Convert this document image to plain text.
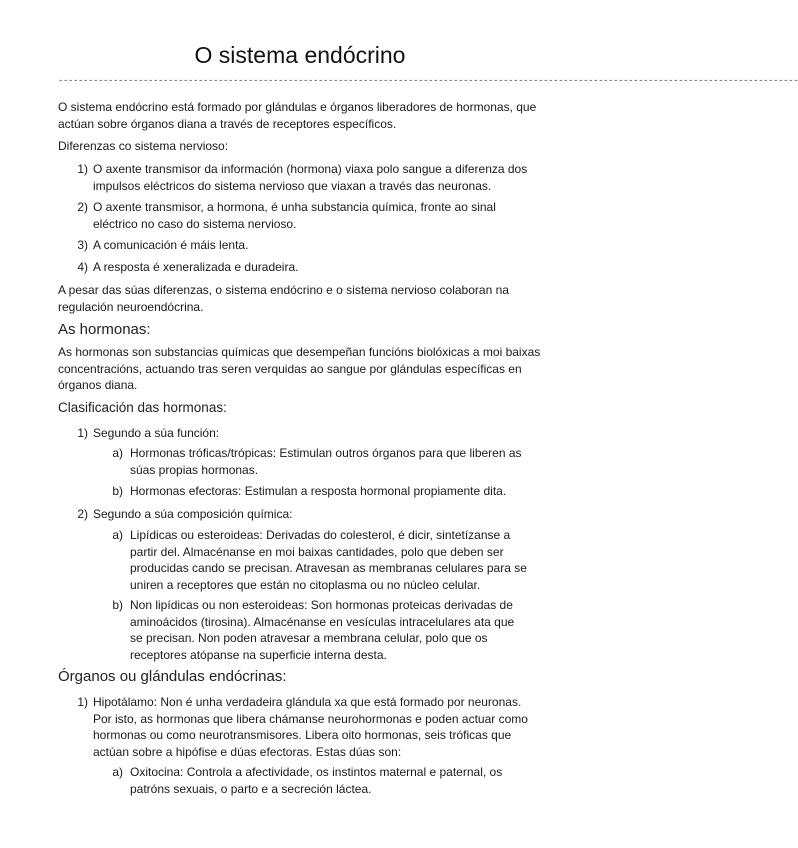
O sistema endócrino
----------------------------------------------------------------------------------------------------------------------------------------------------
O sistema endócrino está formado por glándulas e órganos liberadores de hormonas, que actúan sobre órganos diana a través de receptores específicos.
Diferenzas co sistema nervioso:
1) O axente transmisor da información (hormona) viaxa polo sangue a diferenza dos impulsos eléctricos do sistema nervioso que viaxan a través das neuronas.
2) O axente transmisor, a hormona, é unha substancia química, fronte ao sinal eléctrico no caso do sistema nervioso.
3) A comunicación é máis lenta.
4) A resposta é xeneralizada e duradeira.
A pesar das súas diferenzas, o sistema endócrino e o sistema nervioso colaboran na regulación neuroendócrina.
As hormonas:
As hormonas son substancias químicas que desempeñan funcións biolóxicas a moi baixas concentracións, actuando tras seren verquidas ao sangue por glándulas específicas en órganos diana.
Clasificación das hormonas:
1) Segundo a súa función:
a) Hormonas tróficas/trópicas: Estimulan outros órganos para que liberen as súas propias hormonas.
b) Hormonas efectoras: Estimulan a resposta hormonal propiamente dita.
2) Segundo a súa composición química:
a) Lipídicas ou esteroideas: Derivadas do colesterol, é dicir, sintetízanse a partir del. Almacénanse en moi baixas cantidades, polo que deben ser producidas cando se precisan. Atravesan as membranas celulares para se uniren a receptores que están no citoplasma ou no núcleo celular.
b) Non lipídicas ou non esteroideas: Son hormonas proteicas derivadas de aminoácidos (tirosina). Almacénanse en vesículas intracelulares ata que se precisan. Non poden atravesar a membrana celular, polo que os receptores atópanse na superficie interna desta.
Órganos ou glándulas endócrinas:
1) Hipotálamo: Non é unha verdadeira glándula xa que está formado por neuronas. Por isto, as hormonas que libera chámanse neurohormonas e poden actuar como hormonas ou como neurotransmisores. Libera oito hormonas, seis tróficas que actúan sobre a hipófise e dúas efectoras. Estas dúas son:
a) Oxitocina: Controla a afectividade, os instintos maternal e paternal, os patróns sexuais, o parto e a secreción láctea.
